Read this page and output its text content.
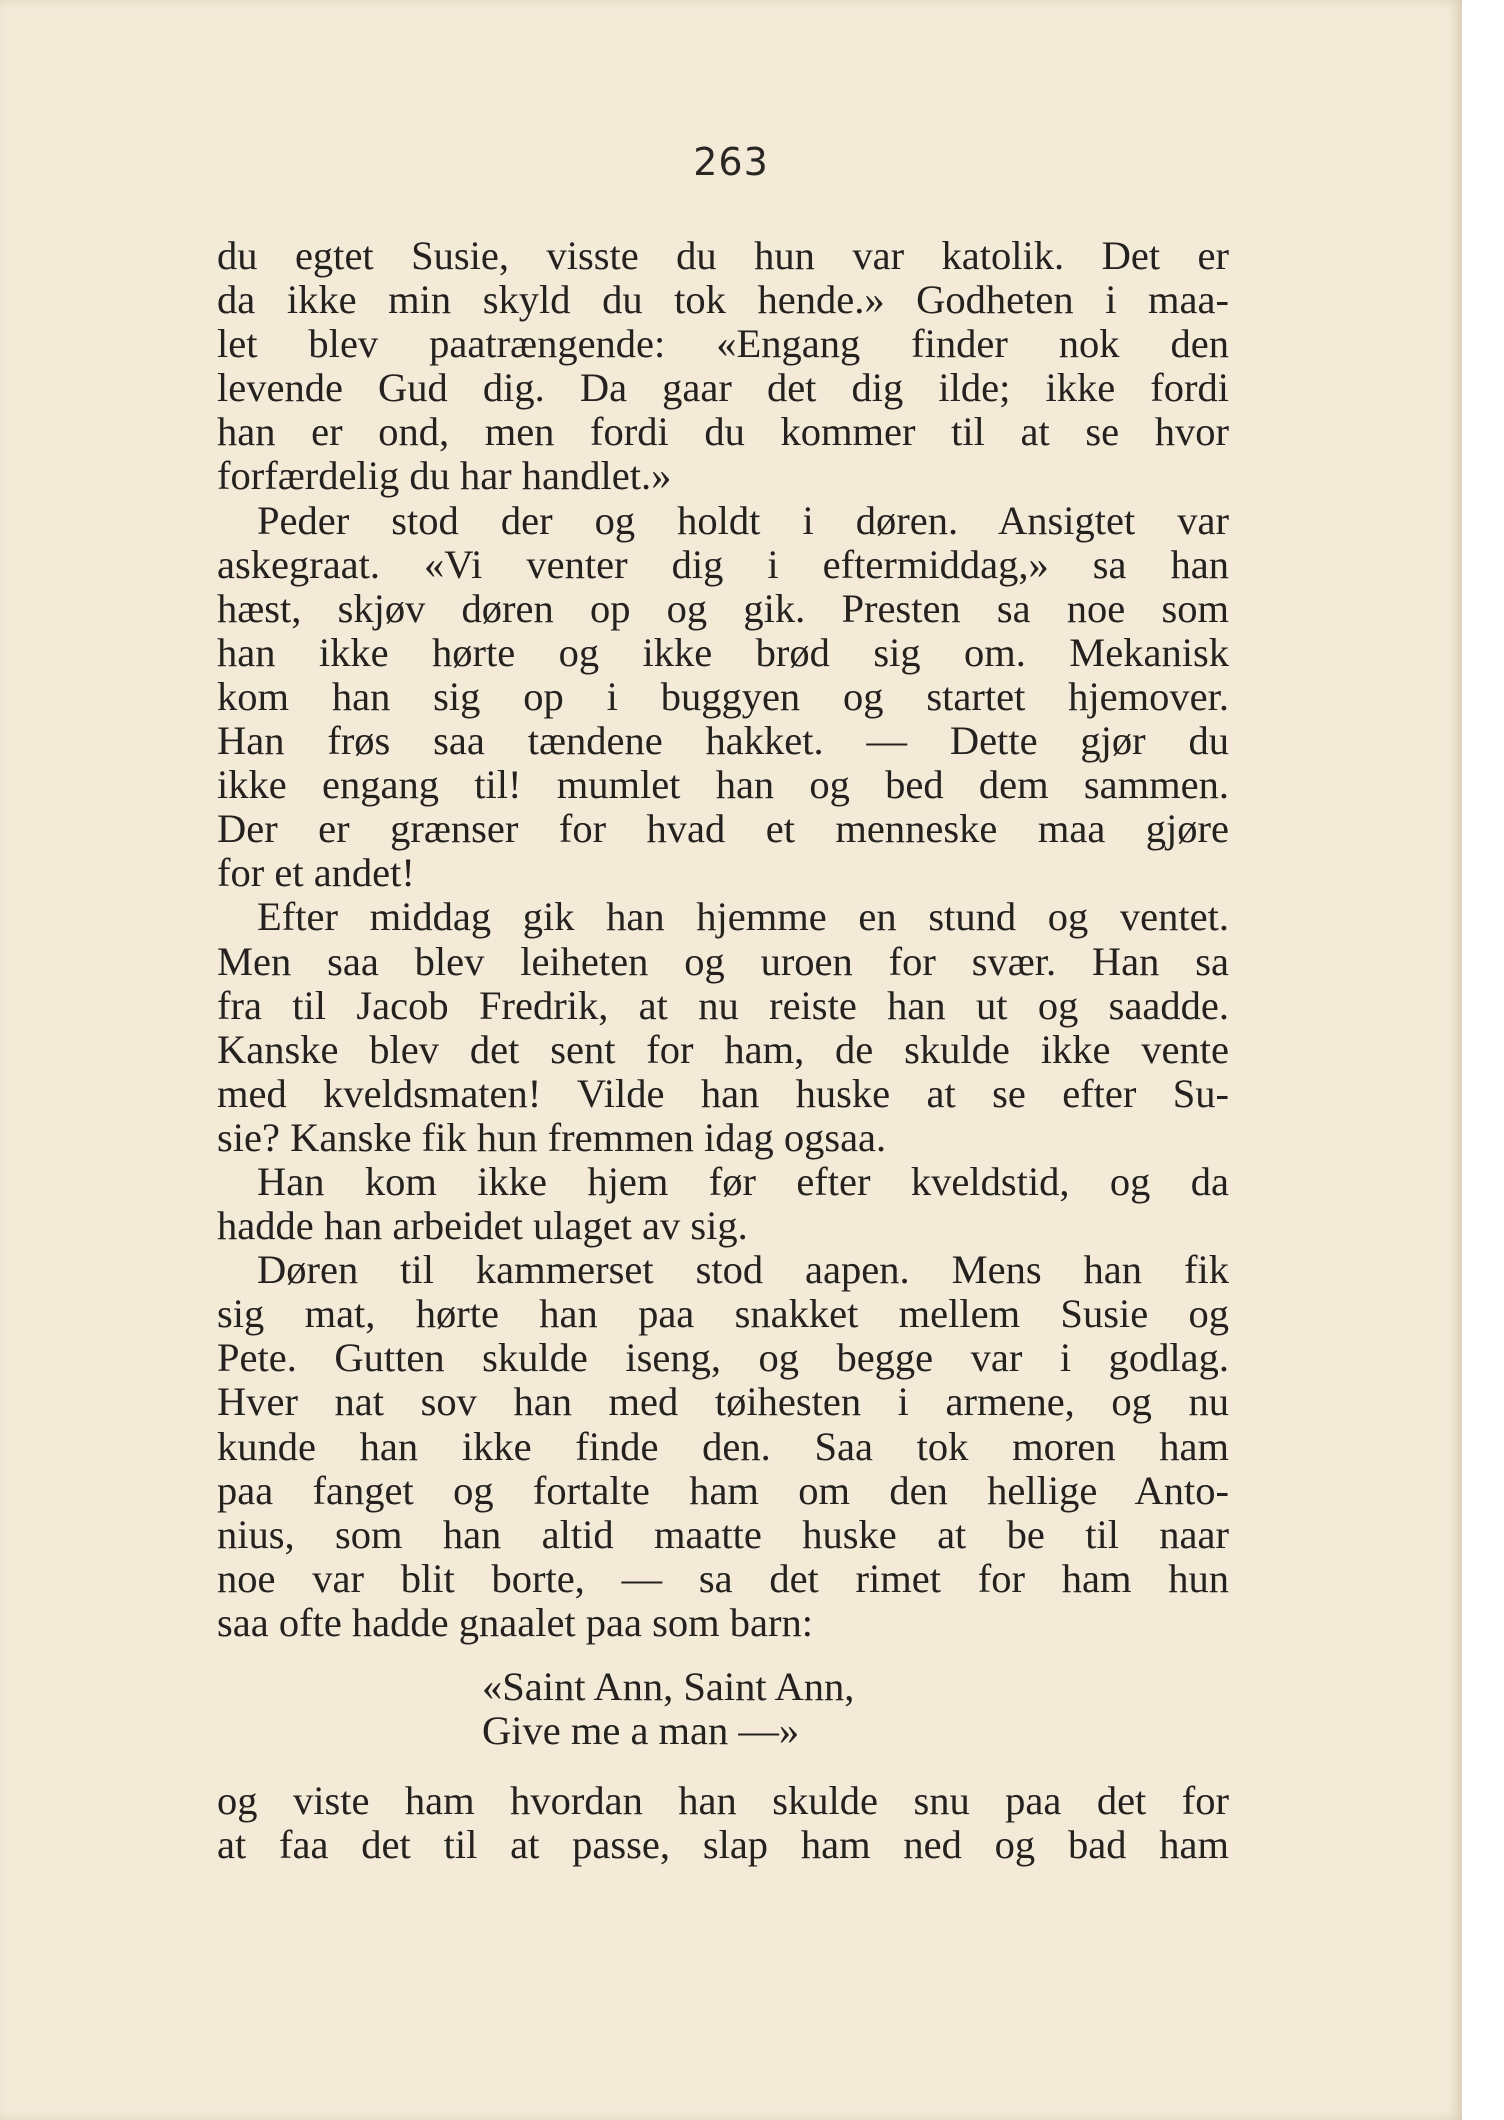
263
du egtet Susie, visste du hun var katolik. Det er
da ikke min skyld du tok hende.» Godheten i maa-
let blev paatrængende: «Engang finder nok den
levende Gud dig. Da gaar det dig ilde; ikke fordi
han er ond, men fordi du kommer til at se hvor
forfærdelig du har handlet.»
Peder stod der og holdt i døren. Ansigtet var
askegraat. «Vi venter dig i eftermiddag,» sa han
hæst, skjøv døren op og gik. Presten sa noe som
han ikke hørte og ikke brød sig om. Mekanisk
kom han sig op i buggyen og startet hjemover.
Han frøs saa tændene hakket. — Dette gjør du
ikke engang til! mumlet han og bed dem sammen.
Der er grænser for hvad et menneske maa gjøre
for et andet!
Efter middag gik han hjemme en stund og ventet.
Men saa blev leiheten og uroen for svær. Han sa
fra til Jacob Fredrik, at nu reiste han ut og saadde.
Kanske blev det sent for ham, de skulde ikke vente
med kveldsmaten! Vilde han huske at se efter Su-
sie? Kanske fik hun fremmen idag ogsaa.
Han kom ikke hjem før efter kveldstid, og da
hadde han arbeidet ulaget av sig.
Døren til kammerset stod aapen. Mens han fik
sig mat, hørte han paa snakket mellem Susie og
Pete. Gutten skulde iseng, og begge var i godlag.
Hver nat sov han med tøihesten i armene, og nu
kunde han ikke finde den. Saa tok moren ham
paa fanget og fortalte ham om den hellige Anto-
nius, som han altid maatte huske at be til naar
noe var blit borte, — sa det rimet for ham hun
saa ofte hadde gnaalet paa som barn:
«Saint Ann, Saint Ann,
Give me a man —»
og viste ham hvordan han skulde snu paa det for
at faa det til at passe, slap ham ned og bad ham
